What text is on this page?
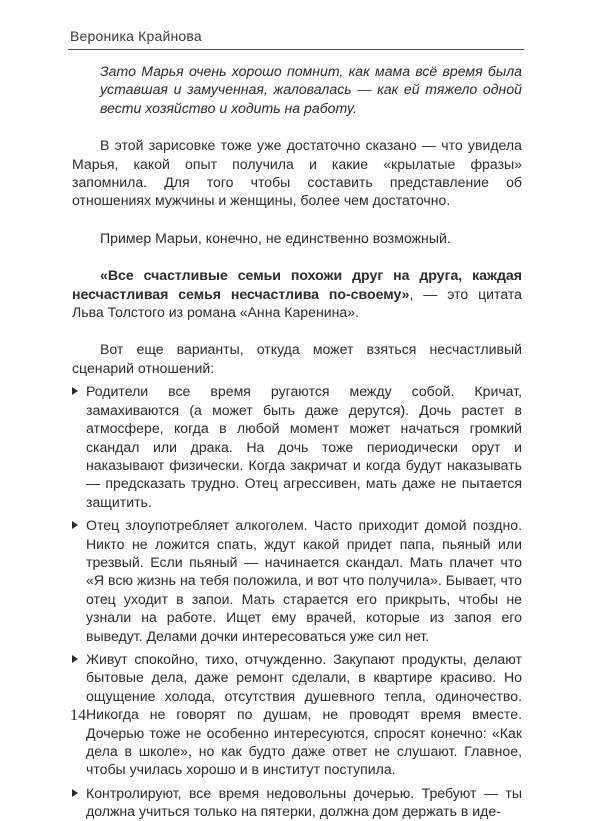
Вероника Крайнова

Зато Марья очень хорошо помнит, как мама всё время была уставшая и замученная, жаловалась — как ей тяжело одной вести хозяйство и ходить на работу.

В этой зарисовке тоже уже достаточно сказано — что увидела Марья, какой опыт получила и какие «крылатые фразы» запомнила. Для того чтобы составить представление об отношениях мужчины и женщины, более чем достаточно.

Пример Марьи, конечно, не единственно возможный.

«Все счастливые семьи похожи друг на друга, каждая несчастливая семья несчастлива по-своему», — это цитата Льва Толстого из романа «Анна Каренина».

Вот еще варианты, откуда может взяться несчастливый сценарий отношений:

Родители все время ругаются между собой. Кричат, замахиваются (а может быть даже дерутся). Дочь растет в атмосфере, когда в любой момент может начаться громкий скандал или драка. На дочь тоже периодически орут и наказывают физически. Когда закричат и когда будут наказывать — предсказать трудно. Отец агрессивен, мать даже не пытается защитить.
Отец злоупотребляет алкоголем. Часто приходит домой поздно. Никто не ложится спать, ждут какой придет папа, пьяный или трезвый. Если пьяный — начинается скандал. Мать плачет что «Я всю жизнь на тебя положила, и вот что получила». Бывает, что отец уходит в запои. Мать старается его прикрыть, чтобы не узнали на работе. Ищет ему врачей, которые из запоя его выведут. Делами дочки интересоваться уже сил нет.
Живут спокойно, тихо, отчужденно. Закупают продукты, делают бытовые дела, даже ремонт сделали, в квартире красиво. Но ощущение холода, отсутствия душевного тепла, одиночество. Никогда не говорят по душам, не проводят время вместе. Дочерью тоже не особенно интересуются, спросят конечно: «Как дела в школе», но как будто даже ответ не слушают. Главное, чтобы училась хорошо и в институт поступила.
Контролируют, все время недовольны дочерью. Требуют — ты должна учиться только на пятерки, должна дом держать в иде-
14
